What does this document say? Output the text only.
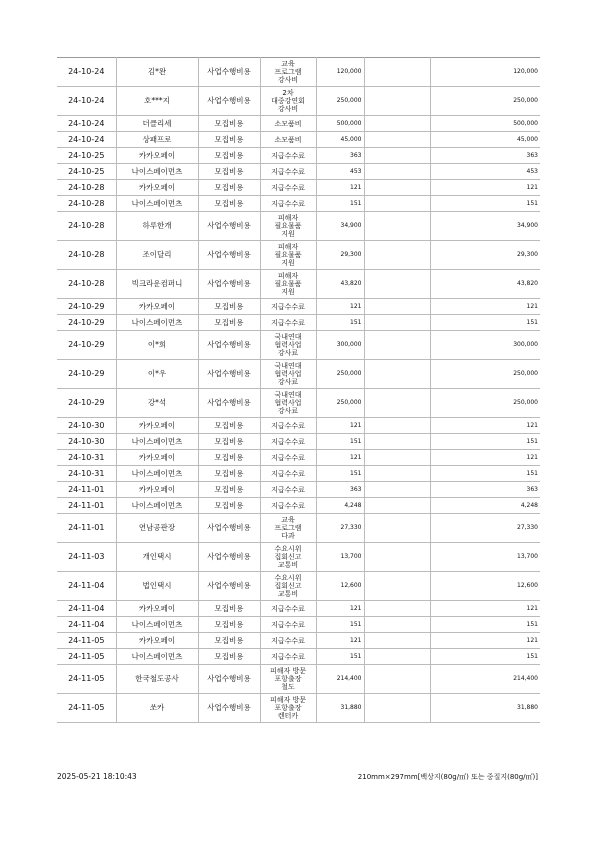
24-10-24	김*완	사업수행비용	교육
프로그램
강사비	120,000		120,000
24-10-24	호***지	사업수행비용	2차
대중강연회
강사비	250,000		250,000
24-10-24	더클리세	모집비용	소모품비	500,000		500,000
24-10-24	상패프로	모집비용	소모품비	45,000		45,000
24-10-25	카카오페이	모집비용	지급수수료	363		363
24-10-25	나이스페이먼츠	모집비용	지급수수료	453		453
24-10-28	카카오페이	모집비용	지급수수료	121		121
24-10-28	나이스페이먼츠	모집비용	지급수수료	151		151
24-10-28	하루한개	사업수행비용	피해자
필요물품
지원	34,900		34,900
24-10-28	조이달리	사업수행비용	피해자
필요물품
지원	29,300		29,300
24-10-28	빅크라운컴퍼니	사업수행비용	피해자
필요물품
지원	43,820		43,820
24-10-29	카카오페이	모집비용	지급수수료	121		121
24-10-29	나이스페이먼츠	모집비용	지급수수료	151		151
24-10-29	이*희	사업수행비용	국내연대
협력사업
강사료	300,000		300,000
24-10-29	이*우	사업수행비용	국내연대
협력사업
강사료	250,000		250,000
24-10-29	강*석	사업수행비용	국내연대
협력사업
강사료	250,000		250,000
24-10-30	카카오페이	모집비용	지급수수료	121		121
24-10-30	나이스페이먼츠	모집비용	지급수수료	151		151
24-10-31	카카오페이	모집비용	지급수수료	121		121
24-10-31	나이스페이먼츠	모집비용	지급수수료	151		151
24-11-01	카카오페이	모집비용	지급수수료	363		363
24-11-01	나이스페이먼츠	모집비용	지급수수료	4,248		4,248
24-11-01	연남공판장	사업수행비용	교육
프로그램
다과	27,330		27,330
24-11-03	개인택시	사업수행비용	수요시위
집회신고
교통비	13,700		13,700
24-11-04	법인택시	사업수행비용	수요시위
집회신고
교통비	12,600		12,600
24-11-04	카카오페이	모집비용	지급수수료	121		121
24-11-04	나이스페이먼츠	모집비용	지급수수료	151		151
24-11-05	카카오페이	모집비용	지급수수료	121		121
24-11-05	나이스페이먼츠	모집비용	지급수수료	151		151
24-11-05	한국철도공사	사업수행비용	피해자 방문
포항출장
철도	214,400		214,400
24-11-05	쏘카	사업수행비용	피해자 방문
포항출장
렌터카	31,880		31,880
2025-05-21 18:10:43	210mm×297mm[백상지(80g/㎡) 또는 중질지(80g/㎡)]
